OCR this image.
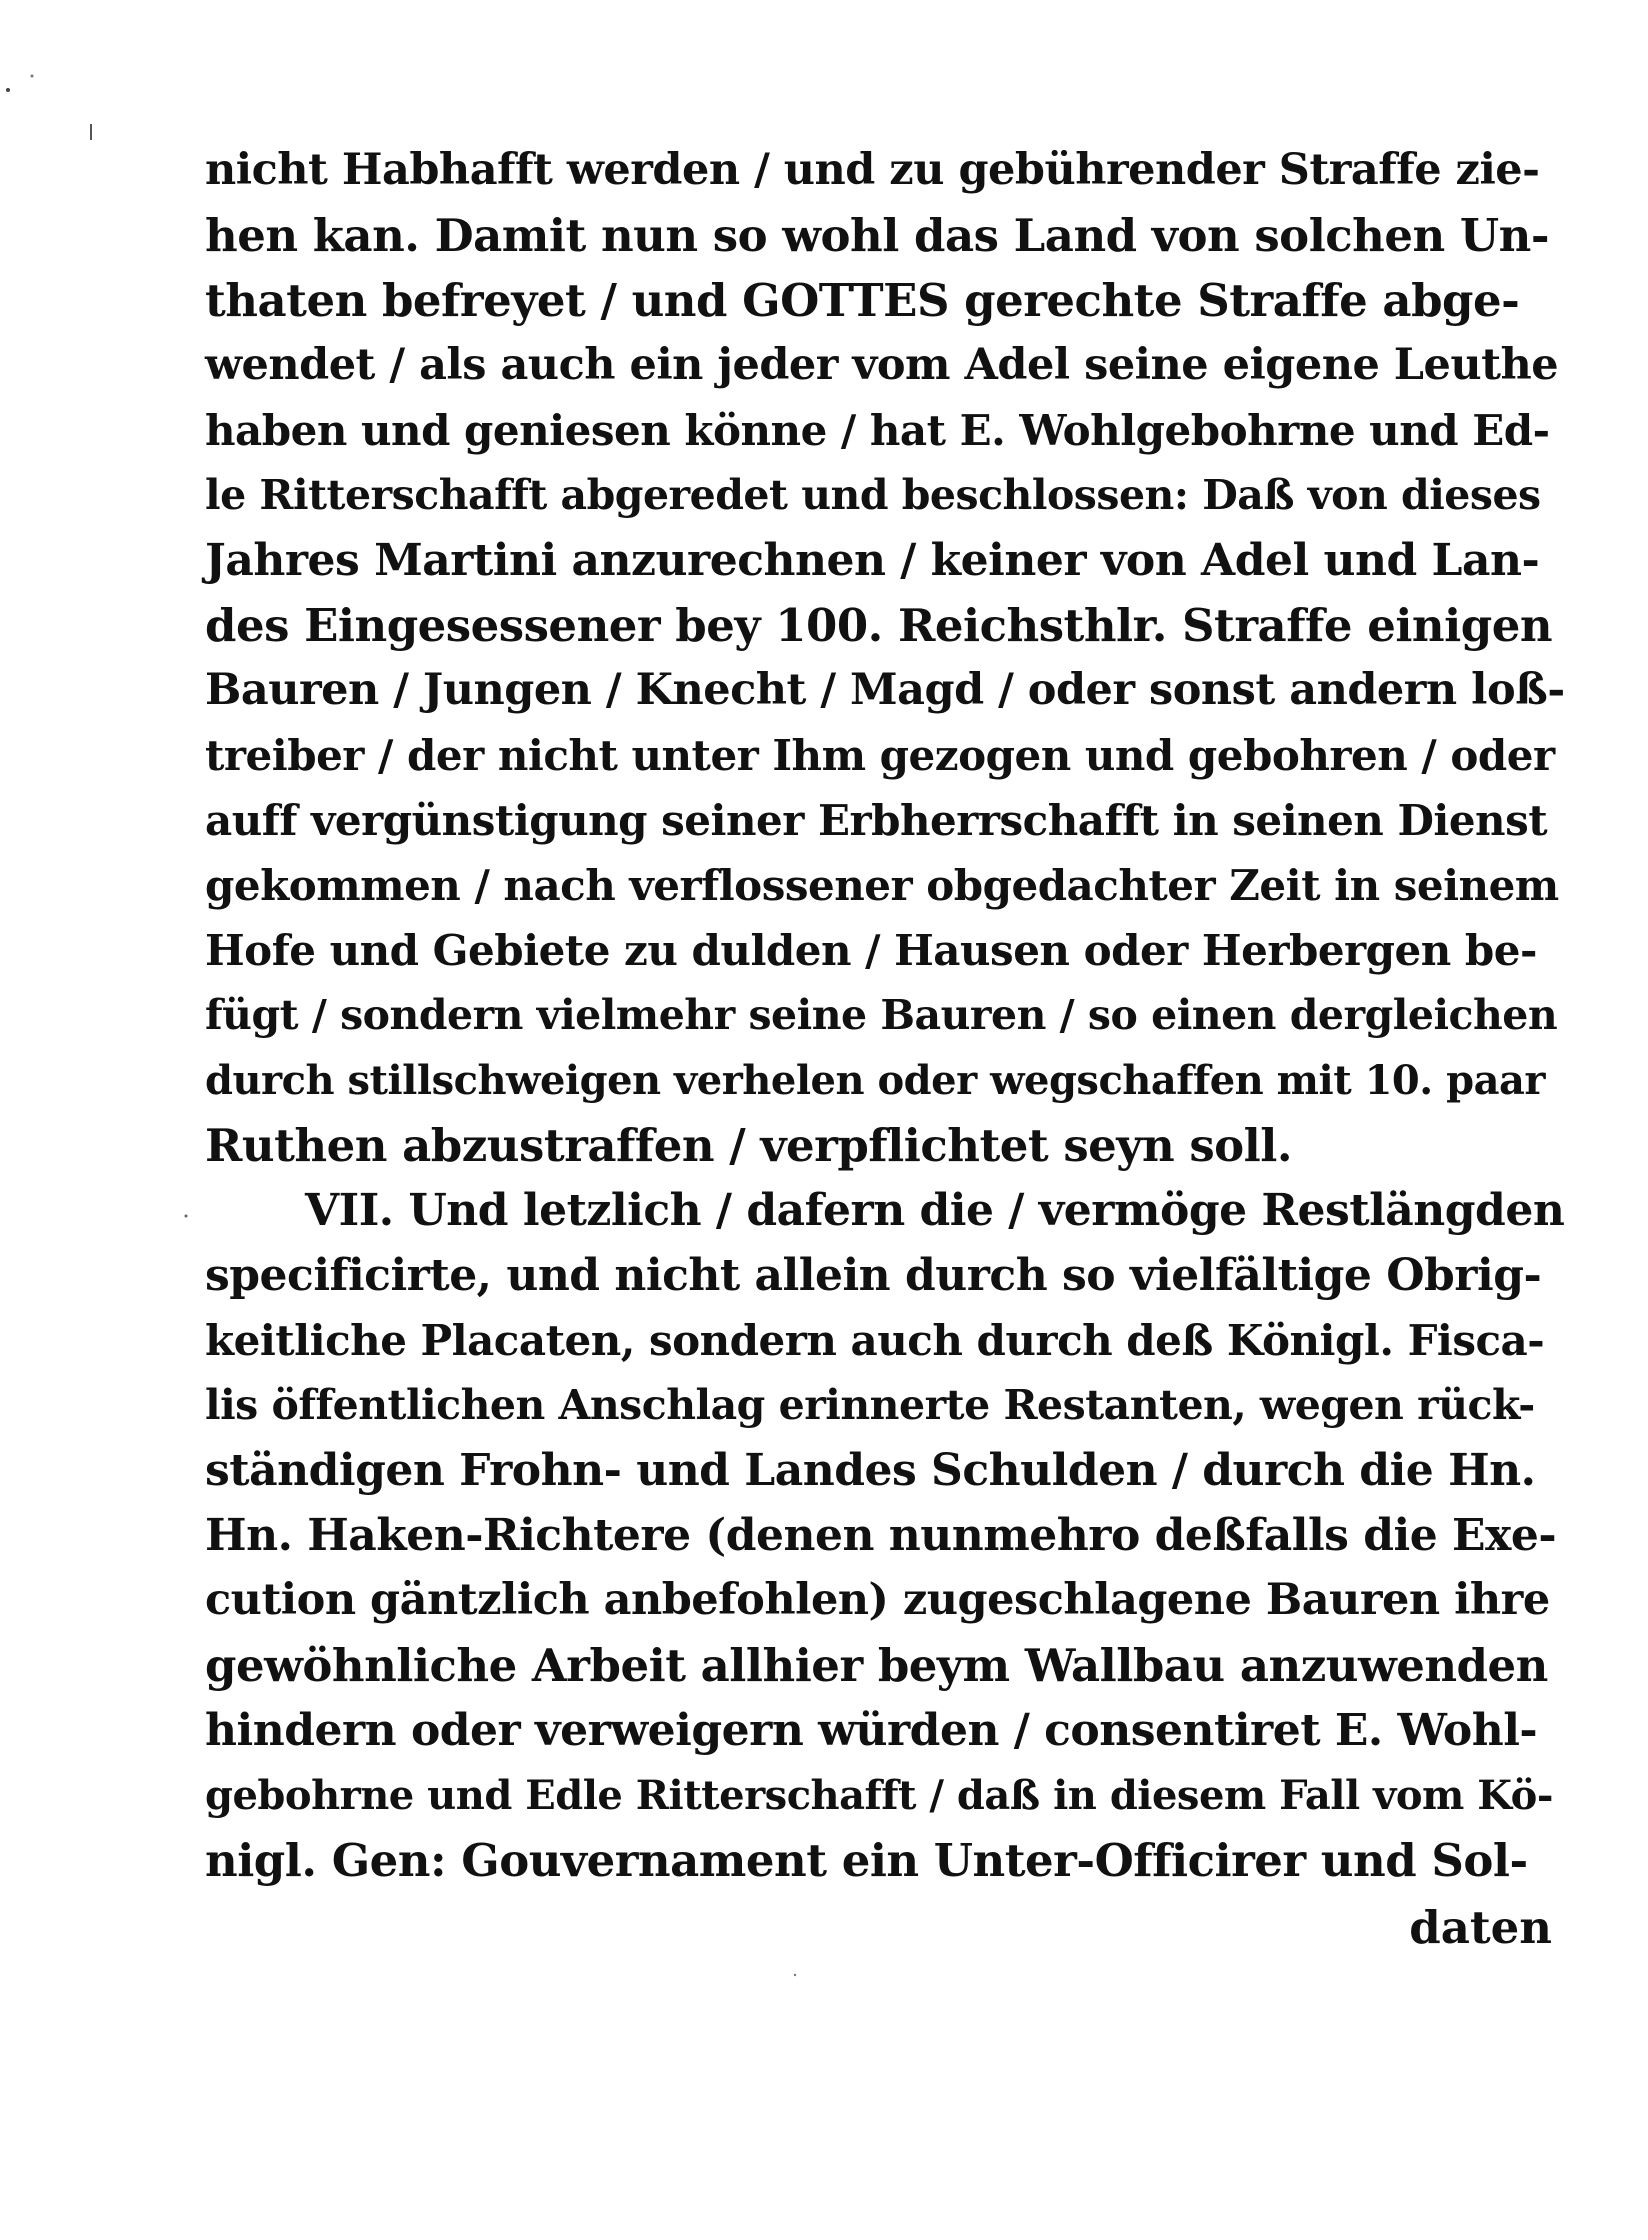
nicht Habhafft werden / und zu gebührender Straffe zie-
hen kan. Damit nun so wohl das Land von solchen Un-
thaten befreyet / und GOTTES gerechte Straffe abge-
wendet / als auch ein jeder vom Adel seine eigene Leuthe
haben und geniesen könne / hat E. Wohlgebohrne und Ed-
le Ritterschafft abgeredet und beschlossen: Daß von dieses
Jahres Martini anzurechnen / keiner von Adel und Lan-
des Eingesessener bey 100. Reichsthlr. Straffe einigen
Bauren / Jungen / Knecht / Magd / oder sonst andern loß-
treiber / der nicht unter Ihm gezogen und gebohren / oder
auff vergünstigung seiner Erbherrschafft in seinen Dienst
gekommen / nach verflossener obgedachter Zeit in seinem
Hofe und Gebiete zu dulden / Hausen oder Herbergen be-
fügt / sondern vielmehr seine Bauren / so einen dergleichen
durch stillschweigen verhelen oder wegschaffen mit 10. paar
Ruthen abzustraffen / verpflichtet seyn soll.
VII. Und letzlich / dafern die / vermöge Restlängden
specificirte, und nicht allein durch so vielfältige Obrig-
keitliche Placaten, sondern auch durch deß Königl. Fisca-
lis öffentlichen Anschlag erinnerte Restanten, wegen rück-
ständigen Frohn- und Landes Schulden / durch die Hn.
Hn. Haken-Richtere (denen nunmehro deßfalls die Exe-
cution gäntzlich anbefohlen) zugeschlagene Bauren ihre
gewöhnliche Arbeit allhier beym Wallbau anzuwenden
hindern oder verweigern würden / consentiret E. Wohl-
gebohrne und Edle Ritterschafft / daß in diesem Fall vom Kö-
nigl. Gen: Gouvernament ein Unter-Officirer und Sol-
daten
